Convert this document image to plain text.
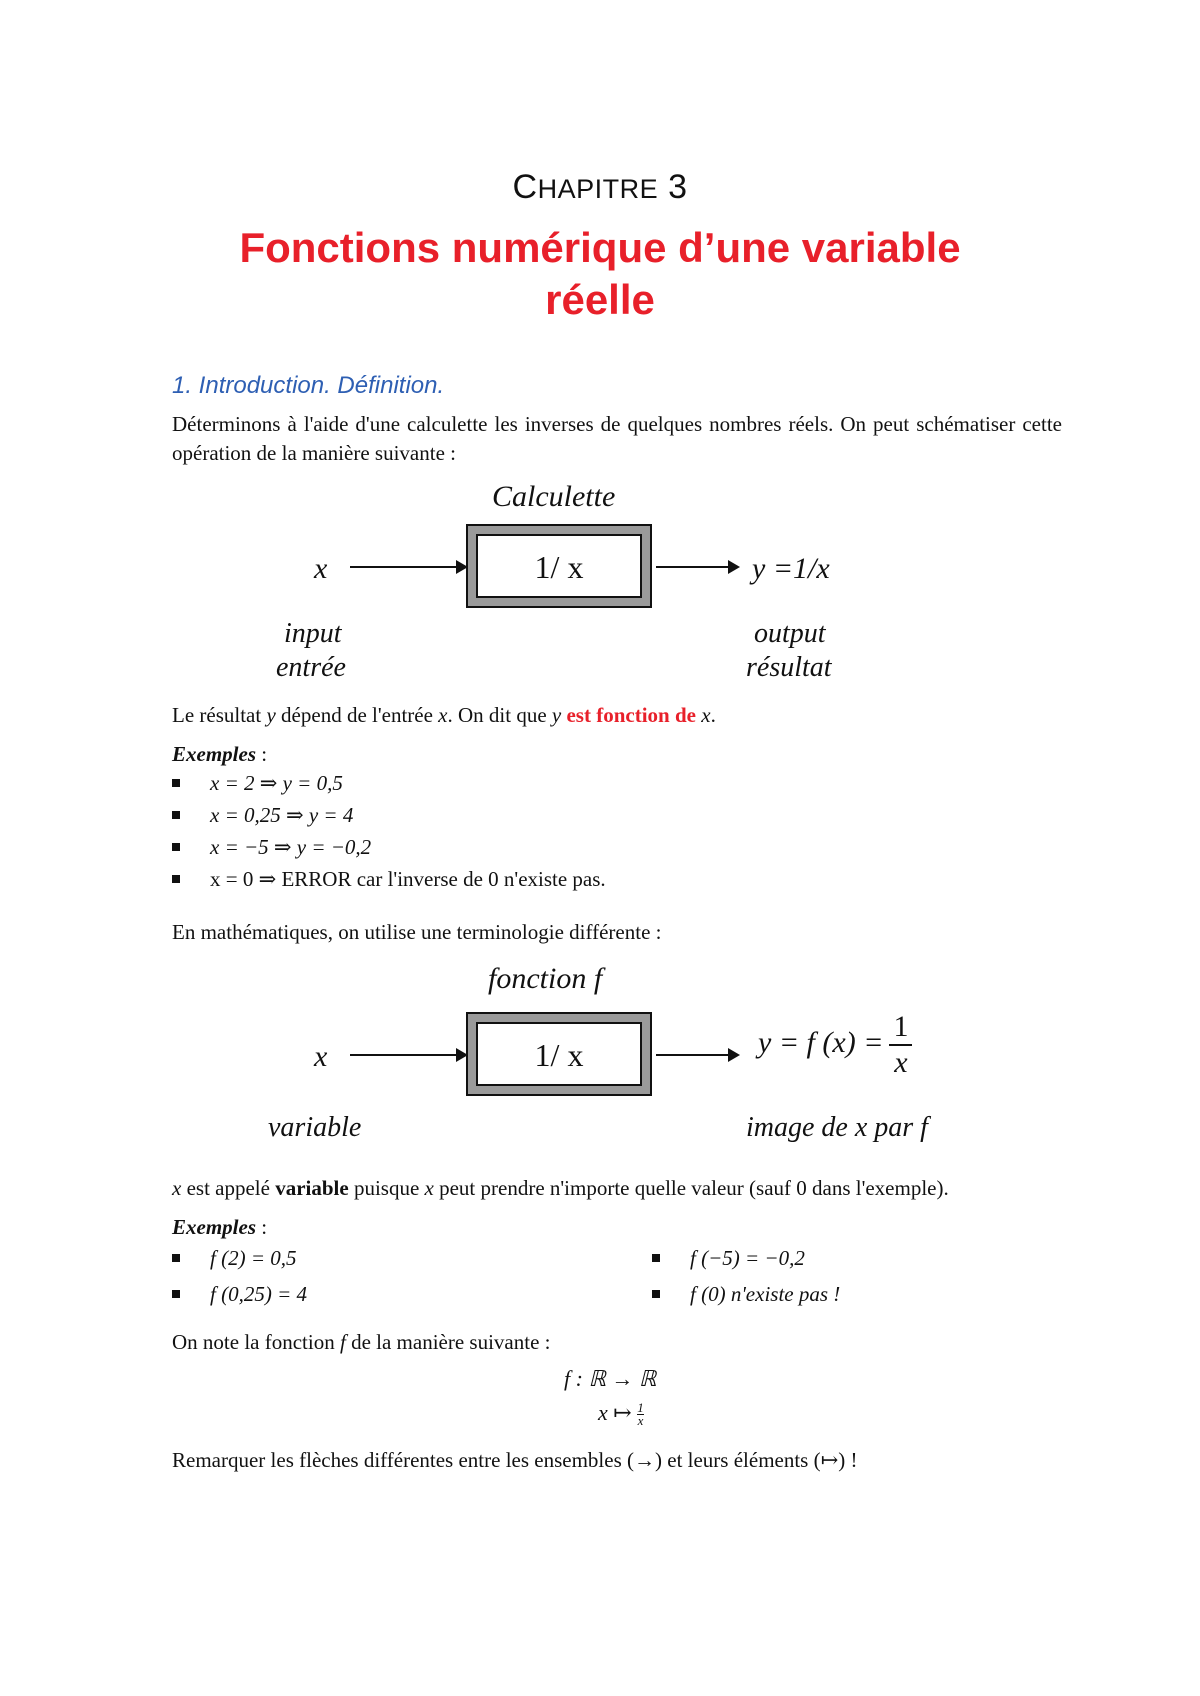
CHAPITRE 3
Fonctions numérique d’une variable
réelle
1. Introduction. Définition.
Déterminons à l'aide d'une calculette les inverses de quelques nombres réels. On peut schématiser cette opération de la manière suivante :
Calculette
x	1/ x	y =1/x
input
entrée
output
résultat
Le résultat y dépend de l'entrée x. On dit que y est fonction de x.
Exemples :
x = 2 ⇒ y = 0,5
x = 0,25 ⇒ y = 4
x = −5 ⇒ y = −0,2
x = 0 ⇒ ERROR car l'inverse de 0 n'existe pas.
En mathématiques, on utilise une terminologie différente :
fonction f
x	1/ x	y = f $(x) = \frac{1}{x}$
variable	image de x par f
x est appelé variable puisque x peut prendre n'importe quelle valeur (sauf 0 dans l'exemple).
Exemples :
f (2) = 0,5
f (0,25) = 4
f (−5) = −0,2
f (0) n'existe pas !
On note la fonction f de la manière suivante :
f : ℝ → ℝ
x ↦ $\frac{1}{x}$
Remarquer les flèches différentes entre les ensembles (→) et leurs éléments (↦) !
